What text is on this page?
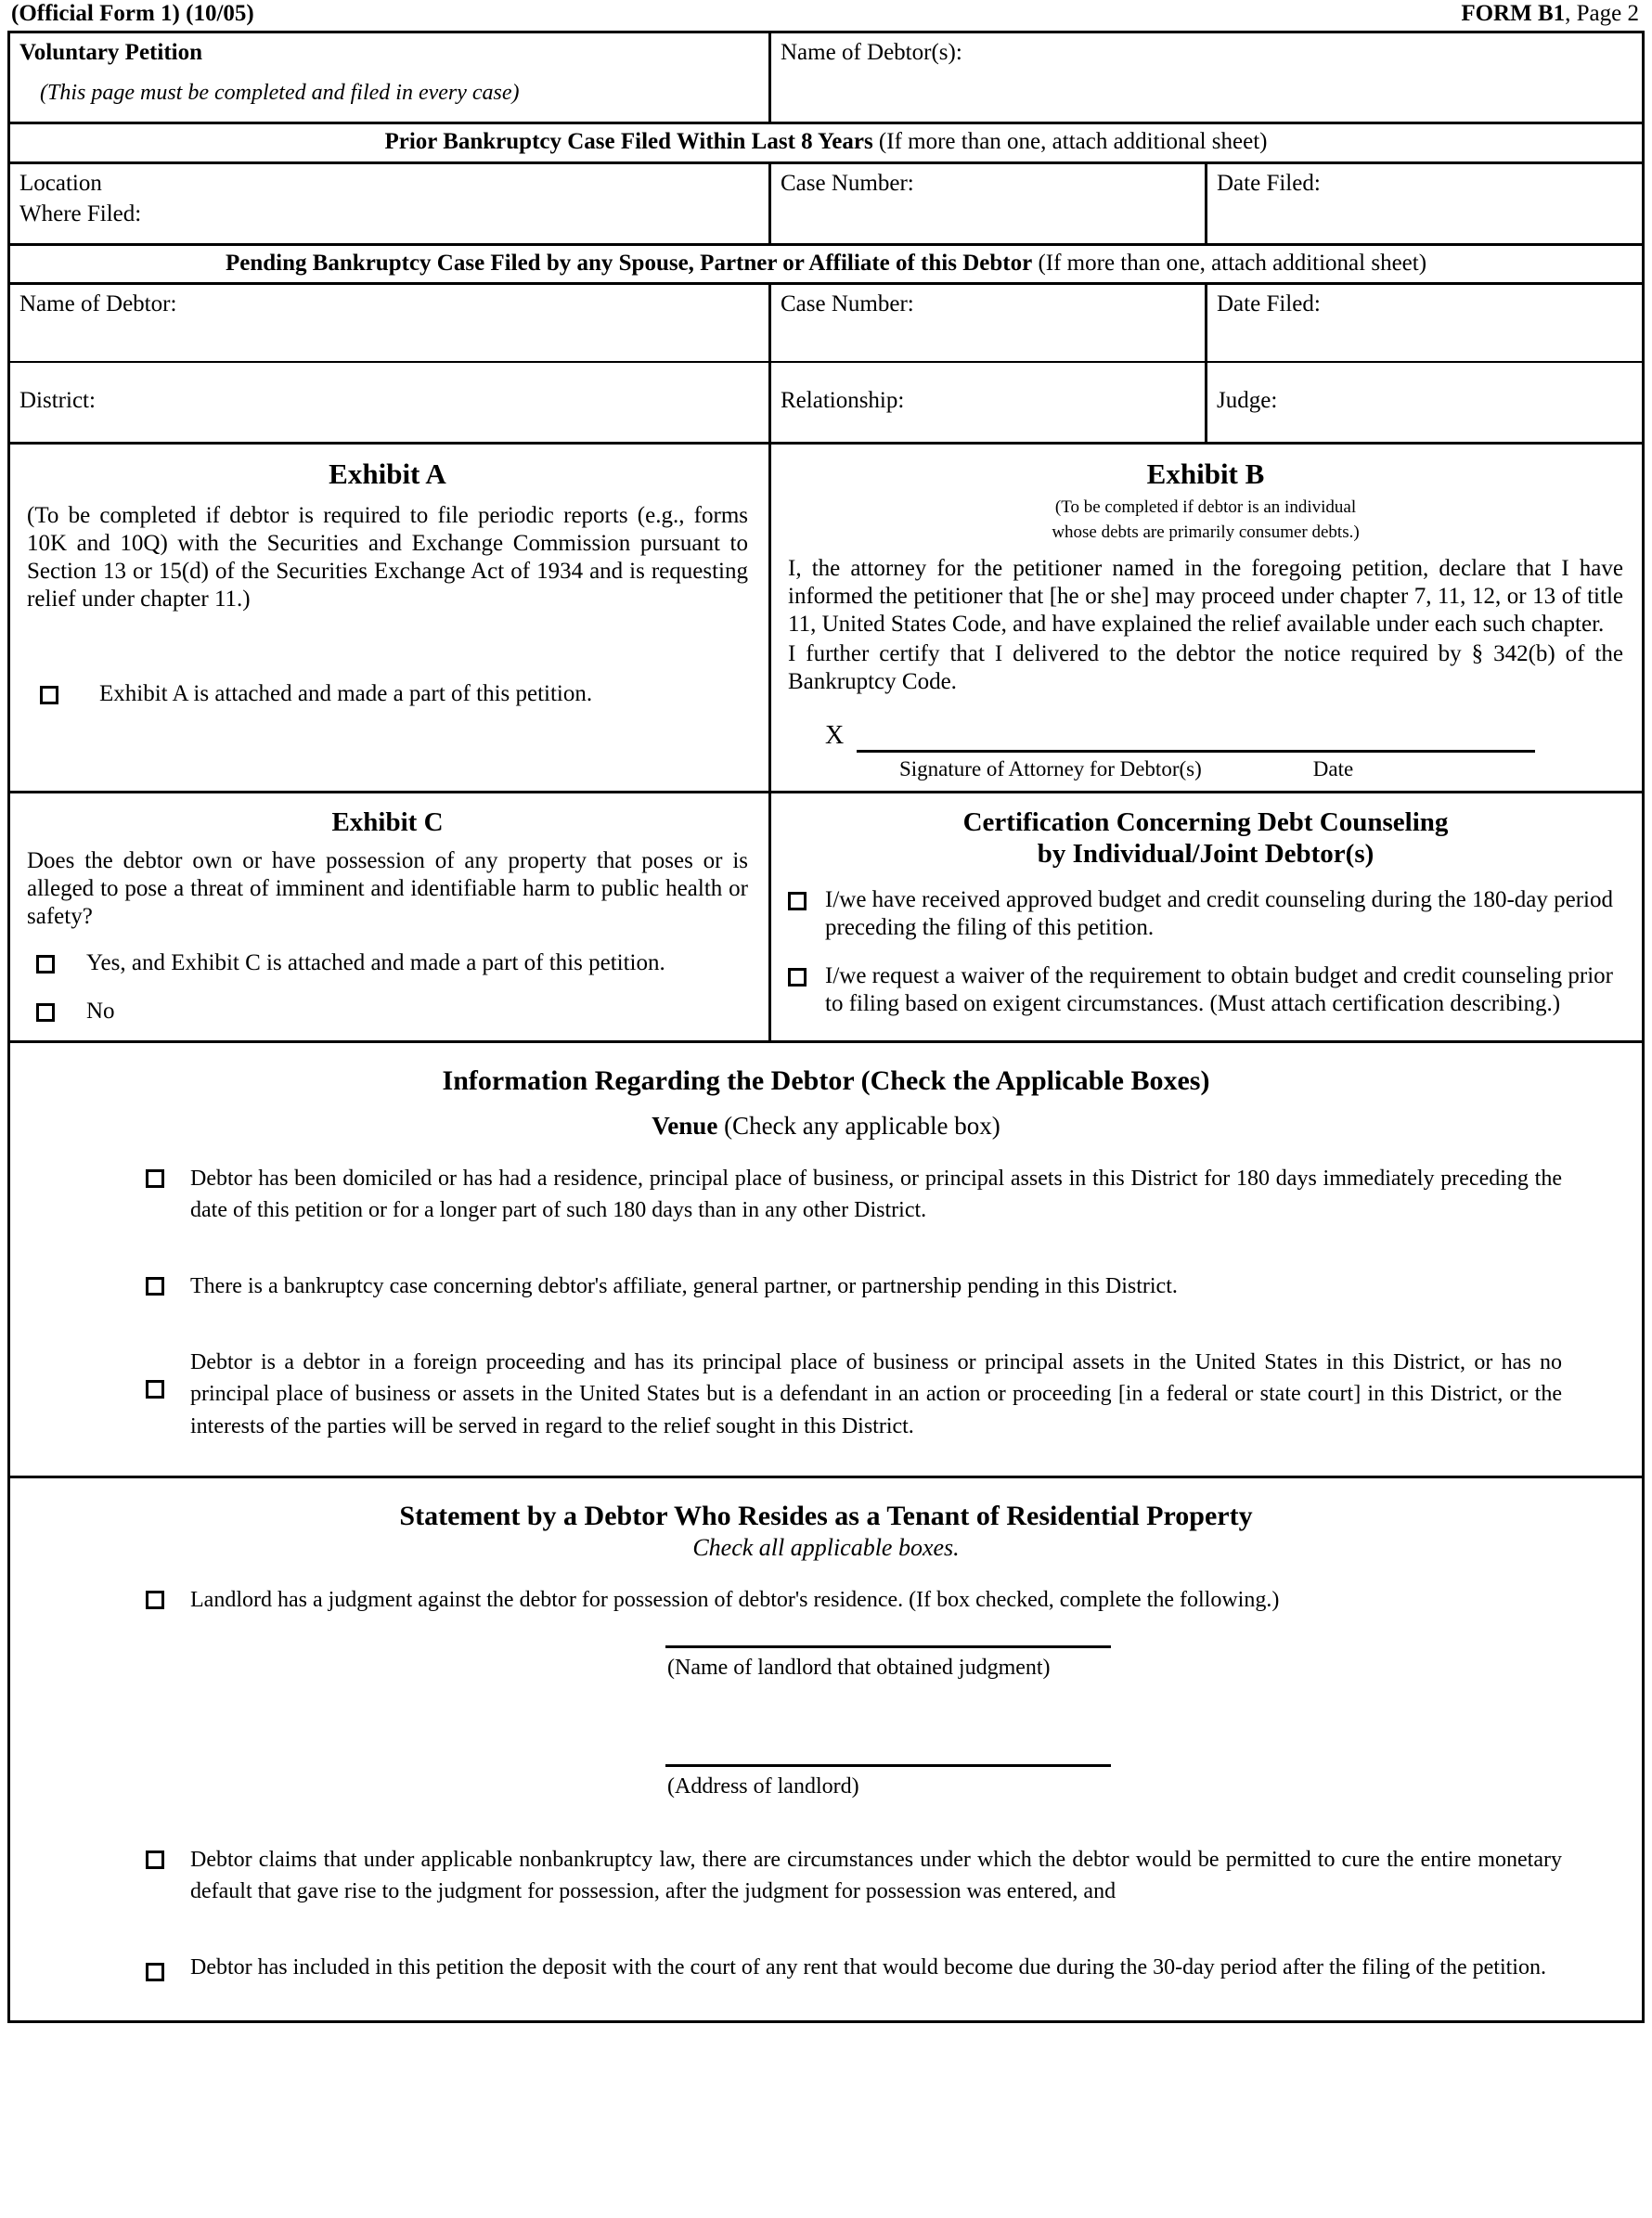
(Official Form 1) (10/05)	FORM B1, Page 2
Voluntary Petition
(This page must be completed and filed in every case)
Name of Debtor(s):
Prior Bankruptcy Case Filed Within Last 8 Years (If more than one, attach additional sheet)
Location
Where Filed:
Case Number:	Date Filed:
Pending Bankruptcy Case Filed by any Spouse, Partner or Affiliate of this Debtor (If more than one, attach additional sheet)
Name of Debtor:	Case Number:	Date Filed:
District:	Relationship:	Judge:
Exhibit A
(To be completed if debtor is required to file periodic reports (e.g., forms 10K and 10Q) with the Securities and Exchange Commission pursuant to Section 13 or 15(d) of the Securities Exchange Act of 1934 and is requesting relief under chapter 11.)
Exhibit A is attached and made a part of this petition.
Exhibit B
(To be completed if debtor is an individual
whose debts are primarily consumer debts.)
I, the attorney for the petitioner named in the foregoing petition, declare that I have informed the petitioner that [he or she] may proceed under chapter 7, 11, 12, or 13 of title 11, United States Code, and have explained the relief available under each such chapter.
I further certify that I delivered to the debtor the notice required by § 342(b) of the Bankruptcy Code.
X
Signature of Attorney for Debtor(s)	Date
Exhibit C
Does the debtor own or have possession of any property that poses or is alleged to pose a threat of imminent and identifiable harm to public health or safety?
Yes, and Exhibit C is attached and made a part of this petition.
No
Certification Concerning Debt Counseling
by Individual/Joint Debtor(s)
I/we have received approved budget and credit counseling during the 180-day period preceding the filing of this petition.
I/we request a waiver of the requirement to obtain budget and credit counseling prior to filing based on exigent circumstances. (Must attach certification describing.)
Information Regarding the Debtor (Check the Applicable Boxes)
Venue (Check any applicable box)
Debtor has been domiciled or has had a residence, principal place of business, or principal assets in this District for 180 days immediately preceding the date of this petition or for a longer part of such 180 days than in any other District.
There is a bankruptcy case concerning debtor's affiliate, general partner, or partnership pending in this District.
Debtor is a debtor in a foreign proceeding and has its principal place of business or principal assets in the United States in this District, or has no principal place of business or assets in the United States but is a defendant in an action or proceeding [in a federal or state court] in this District, or the interests of the parties will be served in regard to the relief sought in this District.
Statement by a Debtor Who Resides as a Tenant of Residential Property
Check all applicable boxes.
Landlord has a judgment against the debtor for possession of debtor's residence. (If box checked, complete the following.)
(Name of landlord that obtained judgment)
(Address of landlord)
Debtor claims that under applicable nonbankruptcy law, there are circumstances under which the debtor would be permitted to cure the entire monetary default that gave rise to the judgment for possession, after the judgment for possession was entered, and
Debtor has included in this petition the deposit with the court of any rent that would become due during the 30-day period after the filing of the petition.
